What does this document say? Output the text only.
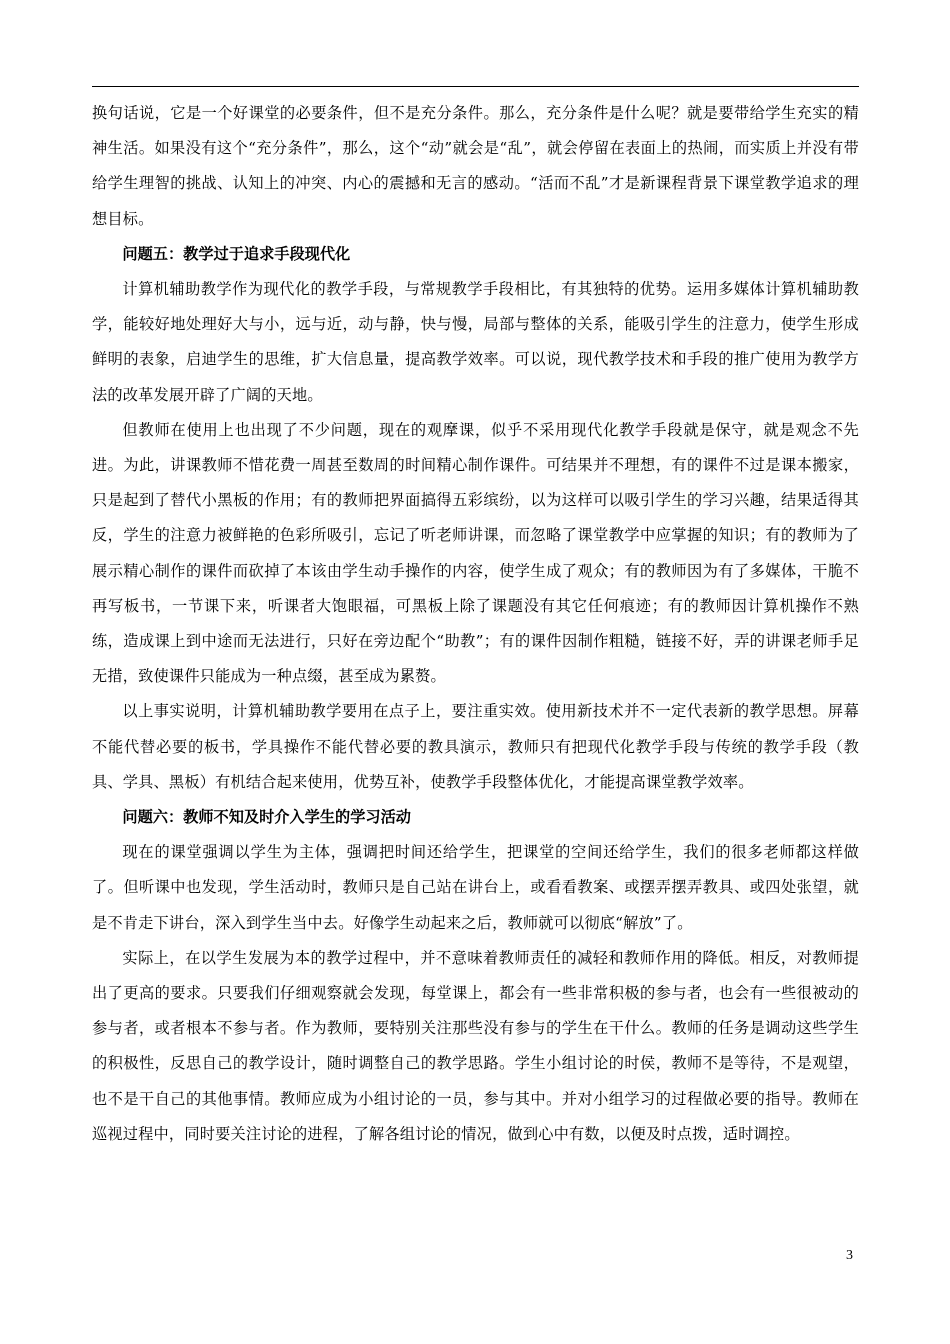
换句话说，它是一个好课堂的必要条件，但不是充分条件。那么，充分条件是什么呢？就是要带给学生充实的精神生活。如果没有这个“充分条件”，那么，这个“动”就会是“乱”，就会停留在表面上的热闹，而实质上并没有带给学生理智的挑战、认知上的冲突、内心的震撼和无言的感动。“活而不乱”才是新课程背景下课堂教学追求的理想目标。

问题五：教学过于追求手段现代化

计算机辅助教学作为现代化的教学手段，与常规教学手段相比，有其独特的优势。运用多媒体计算机辅助教学，能较好地处理好大与小，远与近，动与静，快与慢，局部与整体的关系，能吸引学生的注意力，使学生形成鲜明的表象，启迪学生的思维，扩大信息量，提高教学效率。可以说，现代教学技术和手段的推广使用为教学方法的改革发展开辟了广阔的天地。

但教师在使用上也出现了不少问题，现在的观摩课，似乎不采用现代化教学手段就是保守，就是观念不先进。为此，讲课教师不惜花费一周甚至数周的时间精心制作课件。可结果并不理想，有的课件不过是课本搬家，只是起到了替代小黑板的作用；有的教师把界面搞得五彩缤纷，以为这样可以吸引学生的学习兴趣，结果适得其反，学生的注意力被鲜艳的色彩所吸引，忘记了听老师讲课，而忽略了课堂教学中应掌握的知识；有的教师为了展示精心制作的课件而砍掉了本该由学生动手操作的内容，使学生成了观众；有的教师因为有了多媒体，干脆不再写板书，一节课下来，听课者大饱眼福，可黑板上除了课题没有其它任何痕迹；有的教师因计算机操作不熟练，造成课上到中途而无法进行，只好在旁边配个“助教”；有的课件因制作粗糙，链接不好，弄的讲课老师手足无措，致使课件只能成为一种点缀，甚至成为累赘。

以上事实说明，计算机辅助教学要用在点子上，要注重实效。使用新技术并不一定代表新的教学思想。屏幕不能代替必要的板书，学具操作不能代替必要的教具演示，教师只有把现代化教学手段与传统的教学手段（教具、学具、黑板）有机结合起来使用，优势互补，使教学手段整体优化，才能提高课堂教学效率。

问题六：教师不知及时介入学生的学习活动

现在的课堂强调以学生为主体，强调把时间还给学生，把课堂的空间还给学生，我们的很多老师都这样做了。但听课中也发现，学生活动时，教师只是自己站在讲台上，或看看教案、或摆弄摆弄教具、或四处张望，就是不肯走下讲台，深入到学生当中去。好像学生动起来之后，教师就可以彻底“解放”了。

实际上，在以学生发展为本的教学过程中，并不意味着教师责任的减轻和教师作用的降低。相反，对教师提出了更高的要求。只要我们仔细观察就会发现，每堂课上，都会有一些非常积极的参与者，也会有一些很被动的参与者，或者根本不参与者。作为教师，要特别关注那些没有参与的学生在干什么。教师的任务是调动这些学生的积极性，反思自己的教学设计，随时调整自己的教学思路。学生小组讨论的时侯，教师不是等待，不是观望，也不是干自己的其他事情。教师应成为小组讨论的一员，参与其中。并对小组学习的过程做必要的指导。教师在巡视过程中，同时要关注讨论的进程，了解各组讨论的情况，做到心中有数，以便及时点拨，适时调控。

3
